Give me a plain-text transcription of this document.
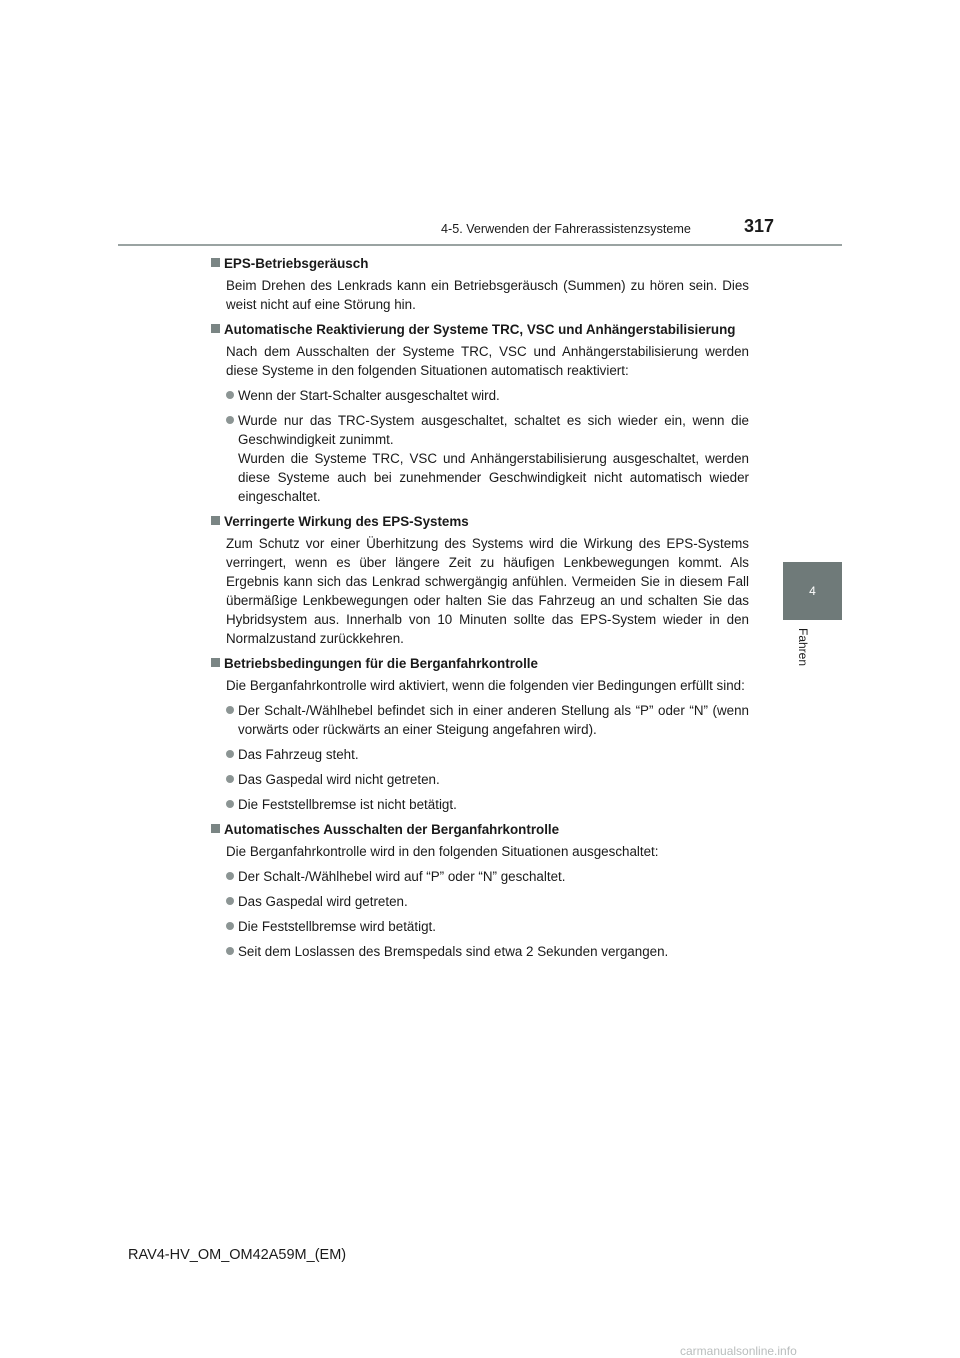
4-5. Verwenden der Fahrerassistenzsysteme	317
4
Fahren
EPS-Betriebsgeräusch

Beim Drehen des Lenkrads kann ein Betriebsgeräusch (Summen) zu hören sein. Dies weist nicht auf eine Störung hin.

Automatische Reaktivierung der Systeme TRC, VSC und Anhängerstabilisierung

Nach dem Ausschalten der Systeme TRC, VSC und Anhängerstabilisierung werden diese Systeme in den folgenden Situationen automatisch reaktiviert:

Wenn der Start-Schalter ausgeschaltet wird.
Wurde nur das TRC-System ausgeschaltet, schaltet es sich wieder ein, wenn die Geschwindigkeit zunimmt.
Wurden die Systeme TRC, VSC und Anhängerstabilisierung ausgeschaltet, werden diese Systeme auch bei zunehmender Geschwindigkeit nicht automatisch wieder eingeschaltet.
Verringerte Wirkung des EPS-Systems

Zum Schutz vor einer Überhitzung des Systems wird die Wirkung des EPS-Systems verringert, wenn es über längere Zeit zu häufigen Lenkbewegungen kommt. Als Ergebnis kann sich das Lenkrad schwergängig anfühlen. Vermeiden Sie in diesem Fall übermäßige Lenkbewegungen oder halten Sie das Fahrzeug an und schalten Sie das Hybridsystem aus. Innerhalb von 10 Minuten sollte das EPS-System wieder in den Normalzustand zurückkehren.

Betriebsbedingungen für die Berganfahrkontrolle

Die Berganfahrkontrolle wird aktiviert, wenn die folgenden vier Bedingungen erfüllt sind:

Der Schalt-/Wählhebel befindet sich in einer anderen Stellung als “P” oder “N” (wenn vorwärts oder rückwärts an einer Steigung angefahren wird).
Das Fahrzeug steht.
Das Gaspedal wird nicht getreten.
Die Feststellbremse ist nicht betätigt.
Automatisches Ausschalten der Berganfahrkontrolle

Die Berganfahrkontrolle wird in den folgenden Situationen ausgeschaltet:

Der Schalt-/Wählhebel wird auf “P” oder “N” geschaltet.
Das Gaspedal wird getreten.
Die Feststellbremse wird betätigt.
Seit dem Loslassen des Bremspedals sind etwa 2 Sekunden vergangen.
RAV4-HV_OM_OM42A59M_(EM)
carmanualsonline.info
